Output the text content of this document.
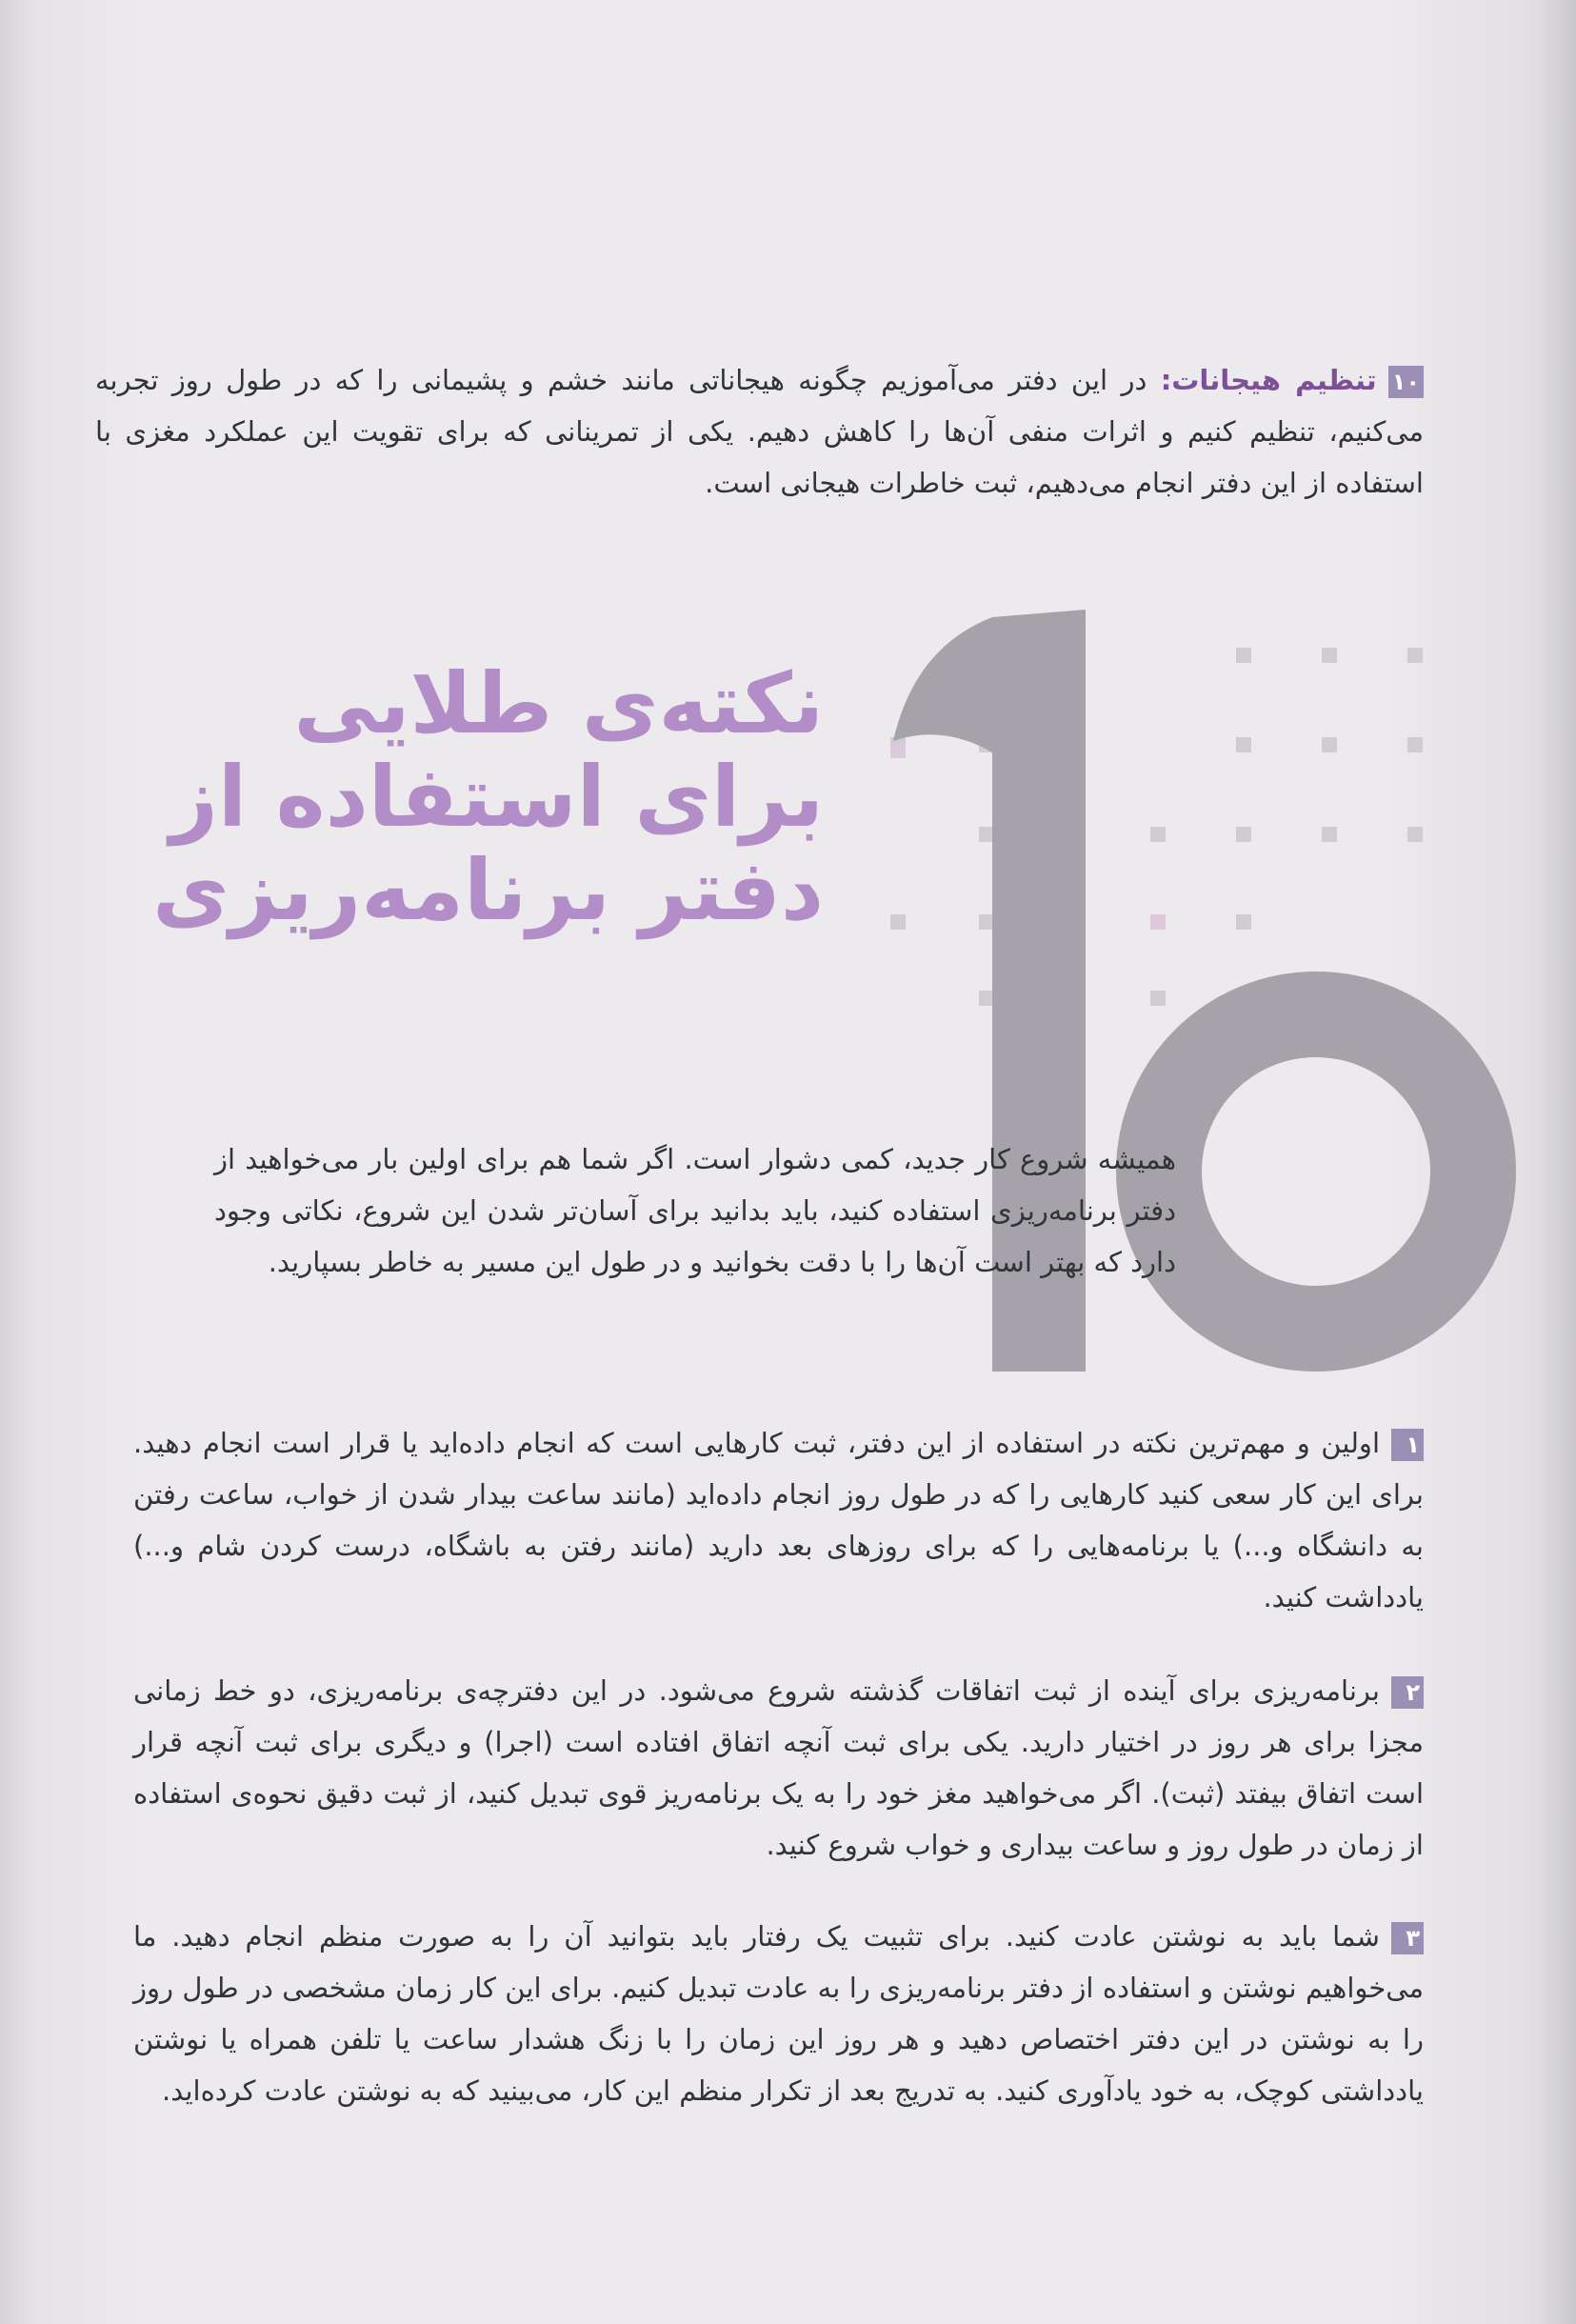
۱۰تنظیم هیجانات: در این دفتر می‌آموزیم چگونه هیجاناتی مانند خشم و پشیمانی را که در طول روز تجربه می‌کنیم، تنظیم کنیم و اثرات منفی آن‌ها را کاهش دهیم. یکی از تمرینانی که برای تقویت این عملکرد مغزی با استفاده از این دفتر انجام می‌دهیم، ثبت خاطرات هیجانی است.

نکته‌ی طلایی
برای استفاده از
دفتر برنامه‌ریزی

همیشه شروع کار جدید، کمی دشوار است. اگر شما هم برای اولین بار می‌خواهید از دفتر برنامه‌ریزی استفاده کنید، باید بدانید برای آسان‌تر شدن این شروع، نکاتی وجود دارد که بهتر است آن‌ها را با دقت بخوانید و در طول این مسیر به خاطر بسپارید.

۱اولین و مهم‌ترین نکته در استفاده از این دفتر، ثبت کارهایی است که انجام داده‌اید یا قرار است انجام دهید. برای این کار سعی کنید کارهایی را که در طول روز انجام داده‌اید (مانند ساعت بیدار شدن از خواب، ساعت رفتن به دانشگاه و...) یا برنامه‌هایی را که برای روزهای بعد دارید (مانند رفتن به باشگاه، درست کردن شام و...) یادداشت کنید.

۲برنامه‌ریزی برای آینده از ثبت اتفاقات گذشته شروع می‌شود. در این دفترچه‌ی برنامه‌ریزی، دو خط زمانی مجزا برای هر روز در اختیار دارید. یکی برای ثبت آنچه اتفاق افتاده است (اجرا) و دیگری برای ثبت آنچه قرار است اتفاق بیفتد (ثبت). اگر می‌خواهید مغز خود را به یک برنامه‌ریز قوی تبدیل کنید، از ثبت دقیق نحوه‌ی استفاده از زمان در طول روز و ساعت بیداری و خواب شروع کنید.

۳شما باید به نوشتن عادت کنید. برای تثبیت یک رفتار باید بتوانید آن را به صورت منظم انجام دهید. ما می‌خواهیم نوشتن و استفاده از دفتر برنامه‌ریزی را به عادت تبدیل کنیم. برای این کار زمان مشخصی در طول روز را به نوشتن در این دفتر اختصاص دهید و هر روز این زمان را با زنگ هشدار ساعت یا تلفن همراه یا نوشتن یادداشتی کوچک، به خود یادآوری کنید. به تدریج بعد از تکرار منظم این کار، می‌بینید که به نوشتن عادت کرده‌اید.
